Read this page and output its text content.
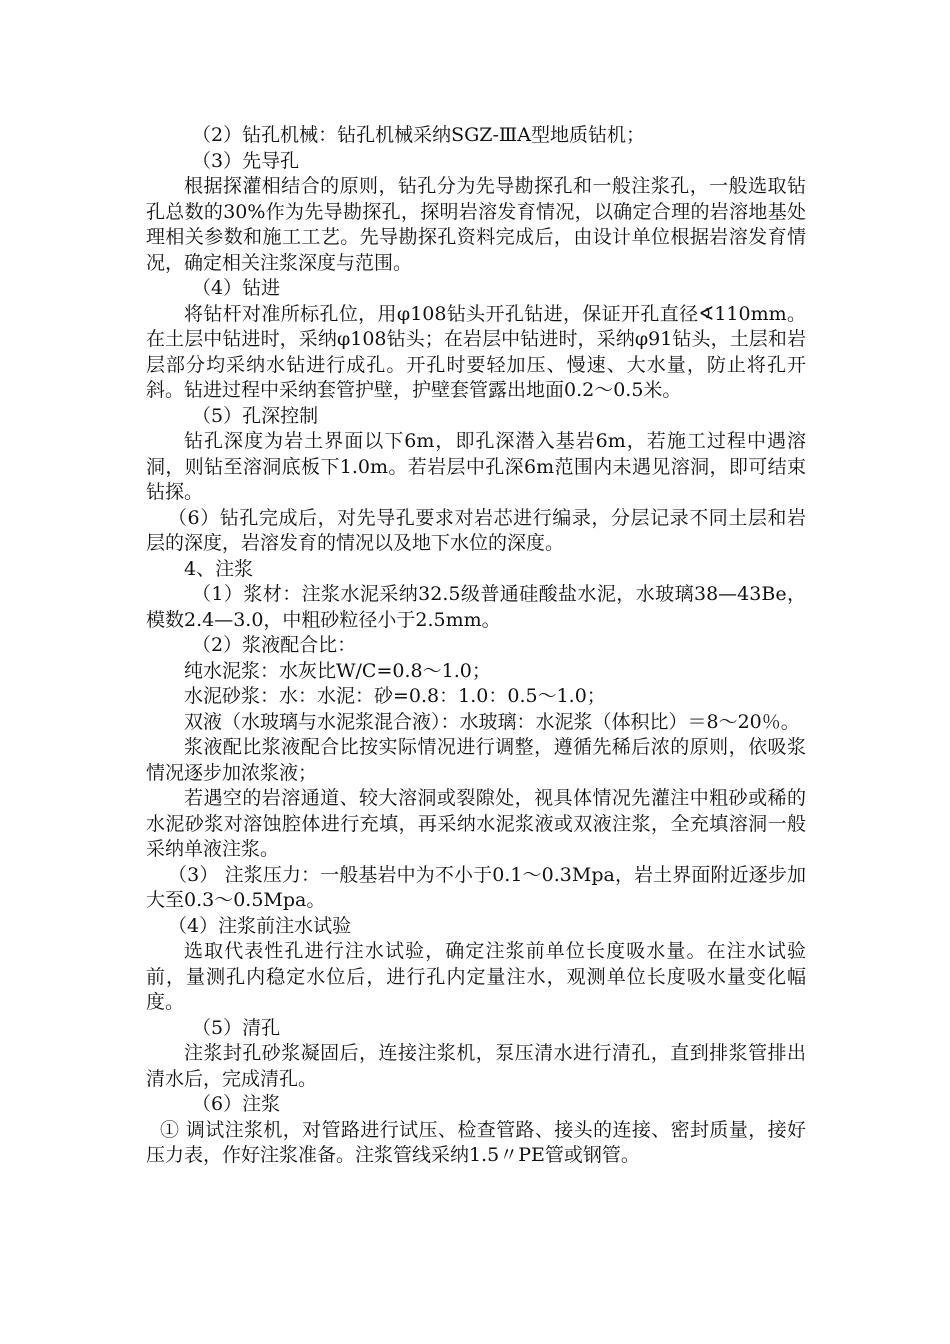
（2）钻孔机械：钻孔机械采纳SGZ-ⅢA型地质钻机；

（3）先导孔

根据探灌相结合的原则，钻孔分为先导勘探孔和一般注浆孔，一般选取钻孔总数的30%作为先导勘探孔，探明岩溶发育情况，以确定合理的岩溶地基处理相关参数和施工工艺。先导勘探孔资料完成后，由设计单位根据岩溶发育情况，确定相关注浆深度与范围。

（4）钻进

将钻杆对准所标孔位，用φ108钻头开孔钻进，保证开孔直径∢110mm。在土层中钻进时，采纳φ108钻头；在岩层中钻进时，采纳φ91钻头，土层和岩层部分均采纳水钻进行成孔。开孔时要轻加压、慢速、大水量，防止将孔开斜。钻进过程中采纳套管护壁，护壁套管露出地面0.2～0.5米。

（5）孔深控制

钻孔深度为岩土界面以下6m，即孔深潜入基岩6m，若施工过程中遇溶洞，则钻至溶洞底板下1.0m。若岩层中孔深6m范围内未遇见溶洞，即可结束钻探。

（6）钻孔完成后，对先导孔要求对岩芯进行编录，分层记录不同土层和岩层的深度，岩溶发育的情况以及地下水位的深度。

4、注浆

（1）浆材：注浆水泥采纳32.5级普通硅酸盐水泥，水玻璃38—43Be，模数2.4—3.0，中粗砂粒径小于2.5mm。

（2）浆液配合比：

纯水泥浆：水灰比W/C=0.8～1.0；

水泥砂浆：水：水泥：砂=0.8：1.0：0.5～1.0；

双液（水玻璃与水泥浆混合液）：水玻璃：水泥浆（体积比）＝8～20％。

浆液配比浆液配合比按实际情况进行调整，遵循先稀后浓的原则，依吸浆情况逐步加浓浆液；

若遇空的岩溶通道、较大溶洞或裂隙处，视具体情况先灌注中粗砂或稀的水泥砂浆对溶蚀腔体进行充填，再采纳水泥浆液或双液注浆，全充填溶洞一般采纳单液注浆。

（3） 注浆压力：一般基岩中为不小于0.1～0.3Mpa，岩土界面附近逐步加大至0.3～0.5Mpa。

（4）注浆前注水试验

选取代表性孔进行注水试验，确定注浆前单位长度吸水量。在注水试验前，量测孔内稳定水位后，进行孔内定量注水，观测单位长度吸水量变化幅度。

（5）清孔

注浆封孔砂浆凝固后，连接注浆机，泵压清水进行清孔，直到排浆管排出清水后，完成清孔。

（6）注浆

① 调试注浆机，对管路进行试压、检查管路、接头的连接、密封质量，接好压力表，作好注浆准备。注浆管线采纳1.5〃PE管或钢管。
